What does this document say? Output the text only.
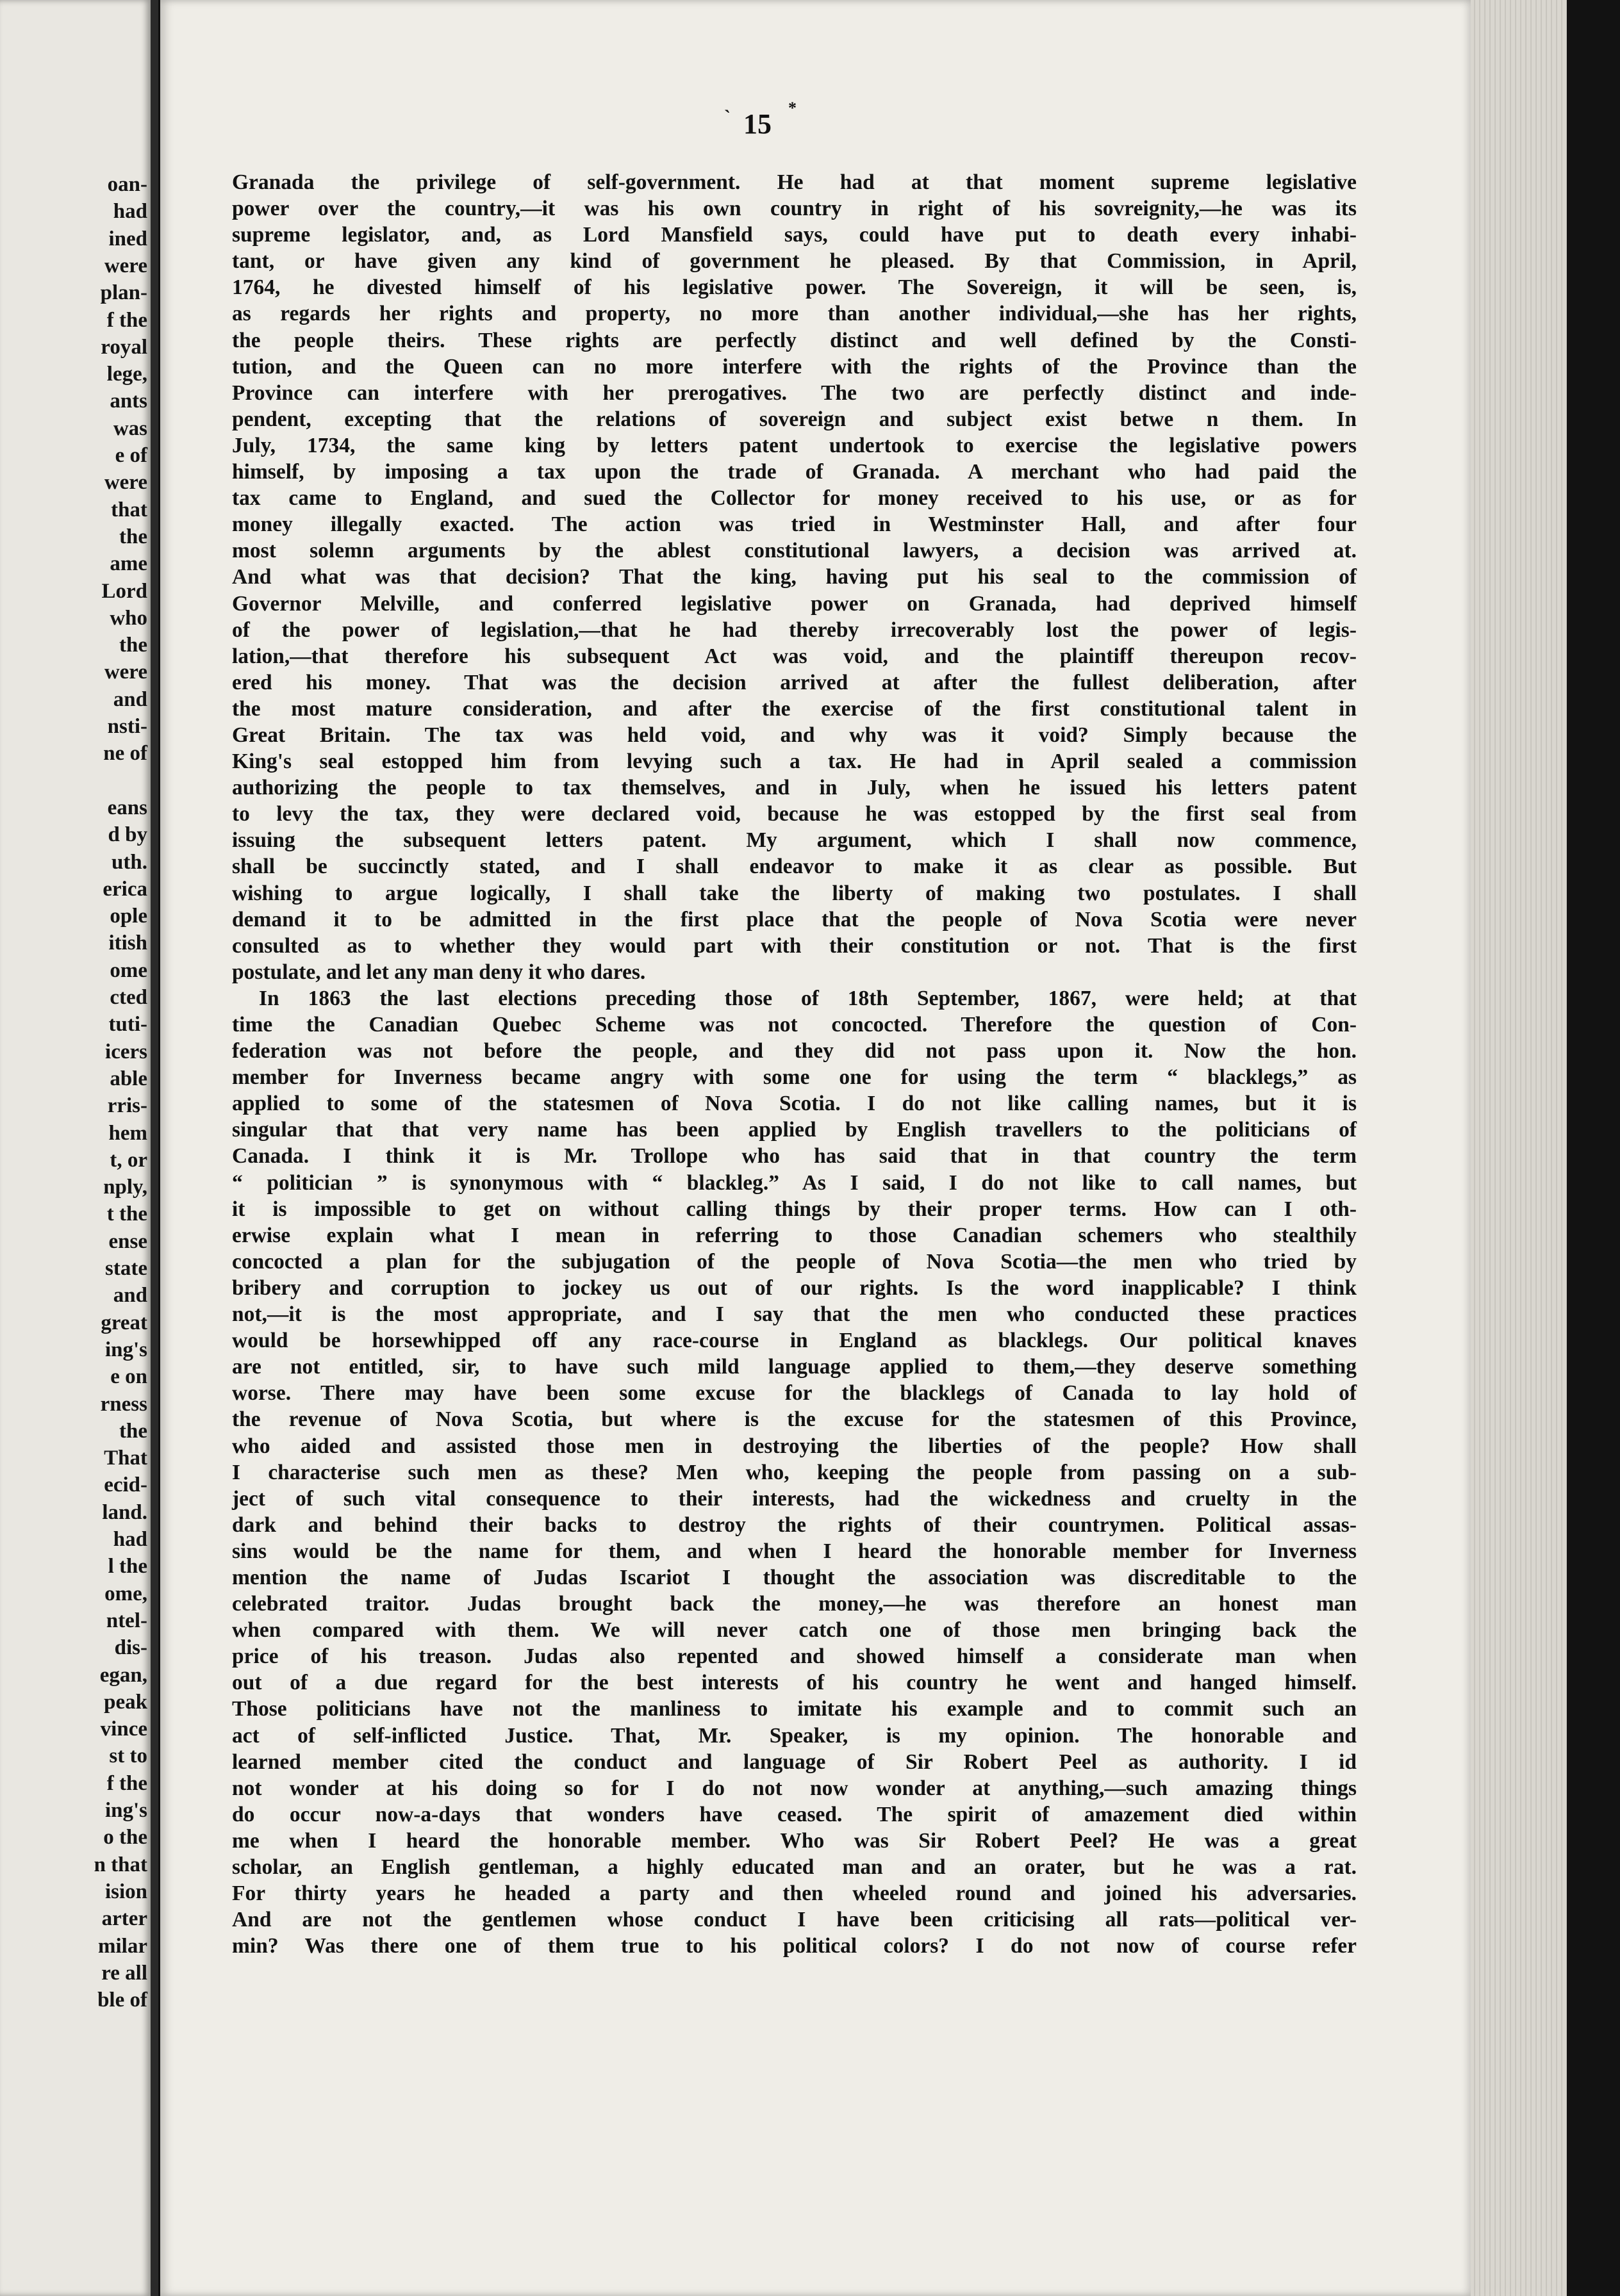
oan-
had
ined
were
plan-
f the
royal
lege,
ants
was
e of
were
that
the
ame
Lord
who
the
were
and
nsti-
ne of
eans
d by
uth.
erica
ople
itish
ome
cted
tuti-
icers
able
rris-
hem
t, or
nply,
t the
ense
state
and
great
ing's
e on
rness
the
That
ecid-
land.
had
l the
ome,
ntel-
dis-
egan,
peak
vince
st to
f the
ing's
o the
n that
ision
arter
milar
re all
ble of
` 15
*
Granada the privilege of self-government. He had at that moment supreme legislative
power over the country,—it was his own country in right of his sovreignity,—he was its
supreme legislator, and, as Lord Mansfield says, could have put to death every inhabi-
tant, or have given any kind of government he pleased. By that Commission, in April,
1764, he divested himself of his legislative power. The Sovereign, it will be seen, is,
as regards her rights and property, no more than another individual,—she has her rights,
the people theirs. These rights are perfectly distinct and well defined by the Consti-
tution, and the Queen can no more interfere with the rights of the Province than the
Province can interfere with her prerogatives. The two are perfectly distinct and inde-
pendent, excepting that the relations of sovereign and subject exist betwe n them. In
July, 1734, the same king by letters patent undertook to exercise the legislative powers
himself, by imposing a tax upon the trade of Granada. A merchant who had paid the
tax came to England, and sued the Collector for money received to his use, or as for
money illegally exacted. The action was tried in Westminster Hall, and after four
most solemn arguments by the ablest constitutional lawyers, a decision was arrived at.
And what was that decision? That the king, having put his seal to the commission of
Governor Melville, and conferred legislative power on Granada, had deprived himself
of the power of legislation,—that he had thereby irrecoverably lost the power of legis-
lation,—that therefore his subsequent Act was void, and the plaintiff thereupon recov-
ered his money. That was the decision arrived at after the fullest deliberation, after
the most mature consideration, and after the exercise of the first constitutional talent in
Great Britain. The tax was held void, and why was it void? Simply because the
King's seal estopped him from levying such a tax. He had in April sealed a commission
authorizing the people to tax themselves, and in July, when he issued his letters patent
to levy the tax, they were declared void, because he was estopped by the first seal from
issuing the subsequent letters patent. My argument, which I shall now commence,
shall be succinctly stated, and I shall endeavor to make it as clear as possible. But
wishing to argue logically, I shall take the liberty of making two postulates. I shall
demand it to be admitted in the first place that the people of Nova Scotia were never
consulted as to whether they would part with their constitution or not. That is the first
postulate, and let any man deny it who dares.
In 1863 the last elections preceding those of 18th September, 1867, were held; at that
time the Canadian Quebec Scheme was not concocted. Therefore the question of Con-
federation was not before the people, and they did not pass upon it. Now the hon.
member for Inverness became angry with some one for using the term “ blacklegs,” as
applied to some of the statesmen of Nova Scotia. I do not like calling names, but it is
singular that that very name has been applied by English travellers to the politicians of
Canada. I think it is Mr. Trollope who has said that in that country the term
“ politician ” is synonymous with “ blackleg.” As I said, I do not like to call names, but
it is impossible to get on without calling things by their proper terms. How can I oth-
erwise explain what I mean in referring to those Canadian schemers who stealthily
concocted a plan for the subjugation of the people of Nova Scotia—the men who tried by
bribery and corruption to jockey us out of our rights. Is the word inapplicable? I think
not,—it is the most appropriate, and I say that the men who conducted these practices
would be horsewhipped off any race-course in England as blacklegs. Our political knaves
are not entitled, sir, to have such mild language applied to them,—they deserve something
worse. There may have been some excuse for the blacklegs of Canada to lay hold of
the revenue of Nova Scotia, but where is the excuse for the statesmen of this Province,
who aided and assisted those men in destroying the liberties of the people? How shall
I characterise such men as these? Men who, keeping the people from passing on a sub-
ject of such vital consequence to their interests, had the wickedness and cruelty in the
dark and behind their backs to destroy the rights of their countrymen. Political assas-
sins would be the name for them, and when I heard the honorable member for Inverness
mention the name of Judas Iscariot I thought the association was discreditable to the
celebrated traitor. Judas brought back the money,—he was therefore an honest man
when compared with them. We will never catch one of those men bringing back the
price of his treason. Judas also repented and showed himself a considerate man when
out of a due regard for the best interests of his country he went and hanged himself.
Those politicians have not the manliness to imitate his example and to commit such an
act of self-inflicted Justice. That, Mr. Speaker, is my opinion. The honorable and
learned member cited the conduct and language of Sir Robert Peel as authority. I id
not wonder at his doing so for I do not now wonder at anything,—such amazing things
do occur now-a-days that wonders have ceased. The spirit of amazement died within
me when I heard the honorable member. Who was Sir Robert Peel? He was a great
scholar, an English gentleman, a highly educated man and an orater, but he was a rat.
For thirty years he headed a party and then wheeled round and joined his adversaries.
And are not the gentlemen whose conduct I have been criticising all rats—political ver-
min? Was there one of them true to his political colors? I do not now of course refer
